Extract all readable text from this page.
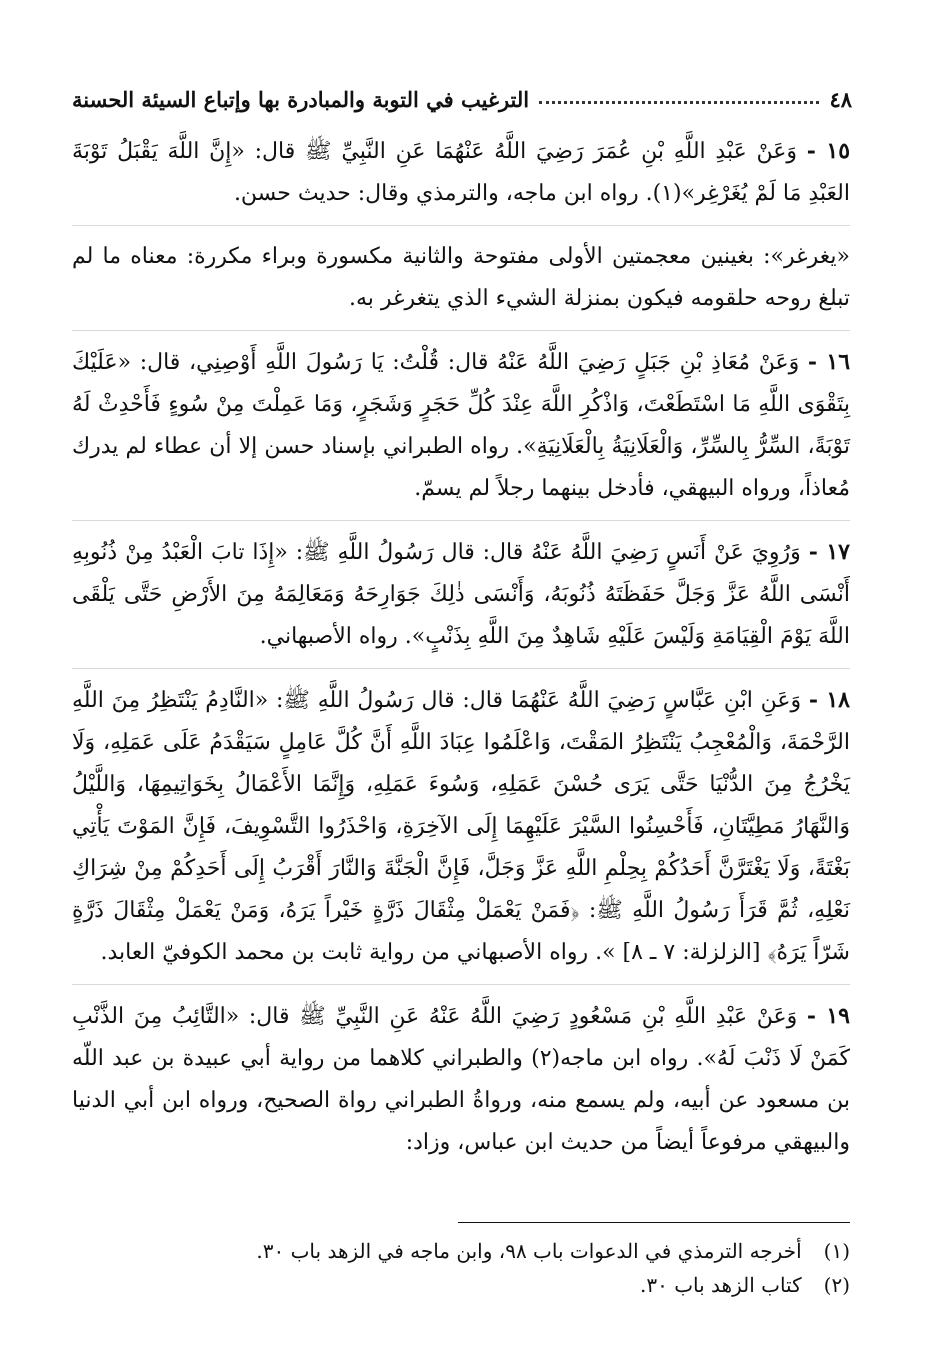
٤٨
الترغيب في التوبة والمبادرة بها وإتباع السيئة الحسنة

١٥ - وَعَنْ عَبْدِ اللَّهِ بْنِ عُمَرَ رَضِيَ اللَّهُ عَنْهُمَا عَنِ النَّبِيِّ ﷺ قال: «إِنَّ اللَّهَ يَقْبَلُ تَوْبَةَ العَبْدِ مَا لَمْ يُغَرْغِر»(١). رواه ابن ماجه، والترمذي وقال: حديث حسن.

«يغرغر»: بغينين معجمتين الأولى مفتوحة والثانية مكسورة وبراء مكررة: معناه ما لم تبلغ روحه حلقومه فيكون بمنزلة الشيء الذي يتغرغر به.

١٦ - وَعَنْ مُعَاذِ بْنِ جَبَلٍ رَضِيَ اللَّهُ عَنْهُ قال: قُلْتُ: يَا رَسُولَ اللَّهِ أَوْصِنِي، قال: «عَلَيْكَ بِتَقْوَى اللَّهِ مَا اسْتَطَعْتَ، وَاذْكُرِ اللَّهَ عِنْدَ كُلِّ حَجَرٍ وَشَجَرٍ، وَمَا عَمِلْتَ مِنْ سُوءٍ فَأَحْدِثْ لَهُ تَوْبَةً، السِّرُّ بِالسِّرِّ، وَالْعَلَانِيَةُ بِالْعَلَانِيَةِ». رواه الطبراني بإسناد حسن إلا أن عطاء لم يدرك مُعاذاً، ورواه البيهقي، فأدخل بينهما رجلاً لم يسمّ.

١٧ - وَرُوِيَ عَنْ أَنَسٍ رَضِيَ اللَّهُ عَنْهُ قال: قال رَسُولُ اللَّهِ ﷺ: «إِذَا تابَ الْعَبْدُ مِنْ ذُنُوبِهِ أَنْسَى اللَّهُ عَزَّ وَجَلَّ حَفَظَتَهُ ذُنُوبَهُ، وَأَنْسَى ذٰلِكَ جَوَارِحَهُ وَمَعَالِمَهُ مِنَ الأَرْضِ حَتَّى يَلْقَى اللَّهَ يَوْمَ الْقِيَامَةِ وَلَيْسَ عَلَيْهِ شَاهِدٌ مِنَ اللَّهِ بِذَنْبٍ». رواه الأصبهاني.

١٨ - وَعَنِ ابْنِ عَبَّاسٍ رَضِيَ اللَّهُ عَنْهُمَا قال: قال رَسُولُ اللَّهِ ﷺ: «النَّادِمُ يَنْتَظِرُ مِنَ اللَّهِ الرَّحْمَةَ، وَالْمُعْجِبُ يَنْتَظِرُ المَقْتَ، وَاعْلَمُوا عِبَادَ اللَّهِ أَنَّ كُلَّ عَامِلٍ سَيَقْدَمُ عَلَى عَمَلِهِ، وَلَا يَخْرُجُ مِنَ الدُّنْيَا حَتَّى يَرَى حُسْنَ عَمَلِهِ، وَسُوءَ عَمَلِهِ، وَإِنَّمَا الأَعْمَالُ بِخَوَاتِيمِهَا، وَاللَّيْلُ وَالنَّهَارُ مَطِيَّتَانِ، فَأَحْسِنُوا السَّيْرَ عَلَيْهِمَا إِلَى الآخِرَةِ، وَاحْذَرُوا التَّسْوِيفَ، فَإِنَّ المَوْتَ يَأْتِي بَغْتَةً، وَلَا يَغْتَرَّنَّ أَحَدُكُمْ بِحِلْمِ اللَّهِ عَزَّ وَجَلَّ، فَإِنَّ الْجَنَّةَ وَالنَّارَ أَقْرَبُ إِلَى أَحَدِكُمْ مِنْ شِرَاكِ نَعْلِهِ، ثُمَّ قَرَأَ رَسُولُ اللَّهِ ﷺ: ﴿فَمَنْ يَعْمَلْ مِثْقَالَ ذَرَّةٍ خَيْراً يَرَهُ، وَمَنْ يَعْمَلْ مِثْقَالَ ذَرَّةٍ شَرّاً يَرَهُ﴾ [الزلزلة: ٧ ـ ٨] ». رواه الأصبهاني من رواية ثابت بن محمد الكوفيّ العابد.

١٩ - وَعَنْ عَبْدِ اللَّهِ بْنِ مَسْعُودٍ رَضِيَ اللَّهُ عَنْهُ عَنِ النَّبِيِّ ﷺ قال: «التَّائِبُ مِنَ الذَّنْبِ كَمَنْ لَا ذَنْبَ لَهُ». رواه ابن ماجه(٢) والطبراني كلاهما من رواية أبي عبيدة بن عبد اللّه بن مسعود عن أبيه، ولم يسمع منه، ورواةُ الطبراني رواة الصحيح، ورواه ابن أبي الدنيا والبيهقي مرفوعاً أيضاً من حديث ابن عباس، وزاد:

(١)
أخرجه الترمذي في الدعوات باب ٩٨، وابن ماجه في الزهد باب ٣٠.
(٢)
كتاب الزهد باب ٣٠.
